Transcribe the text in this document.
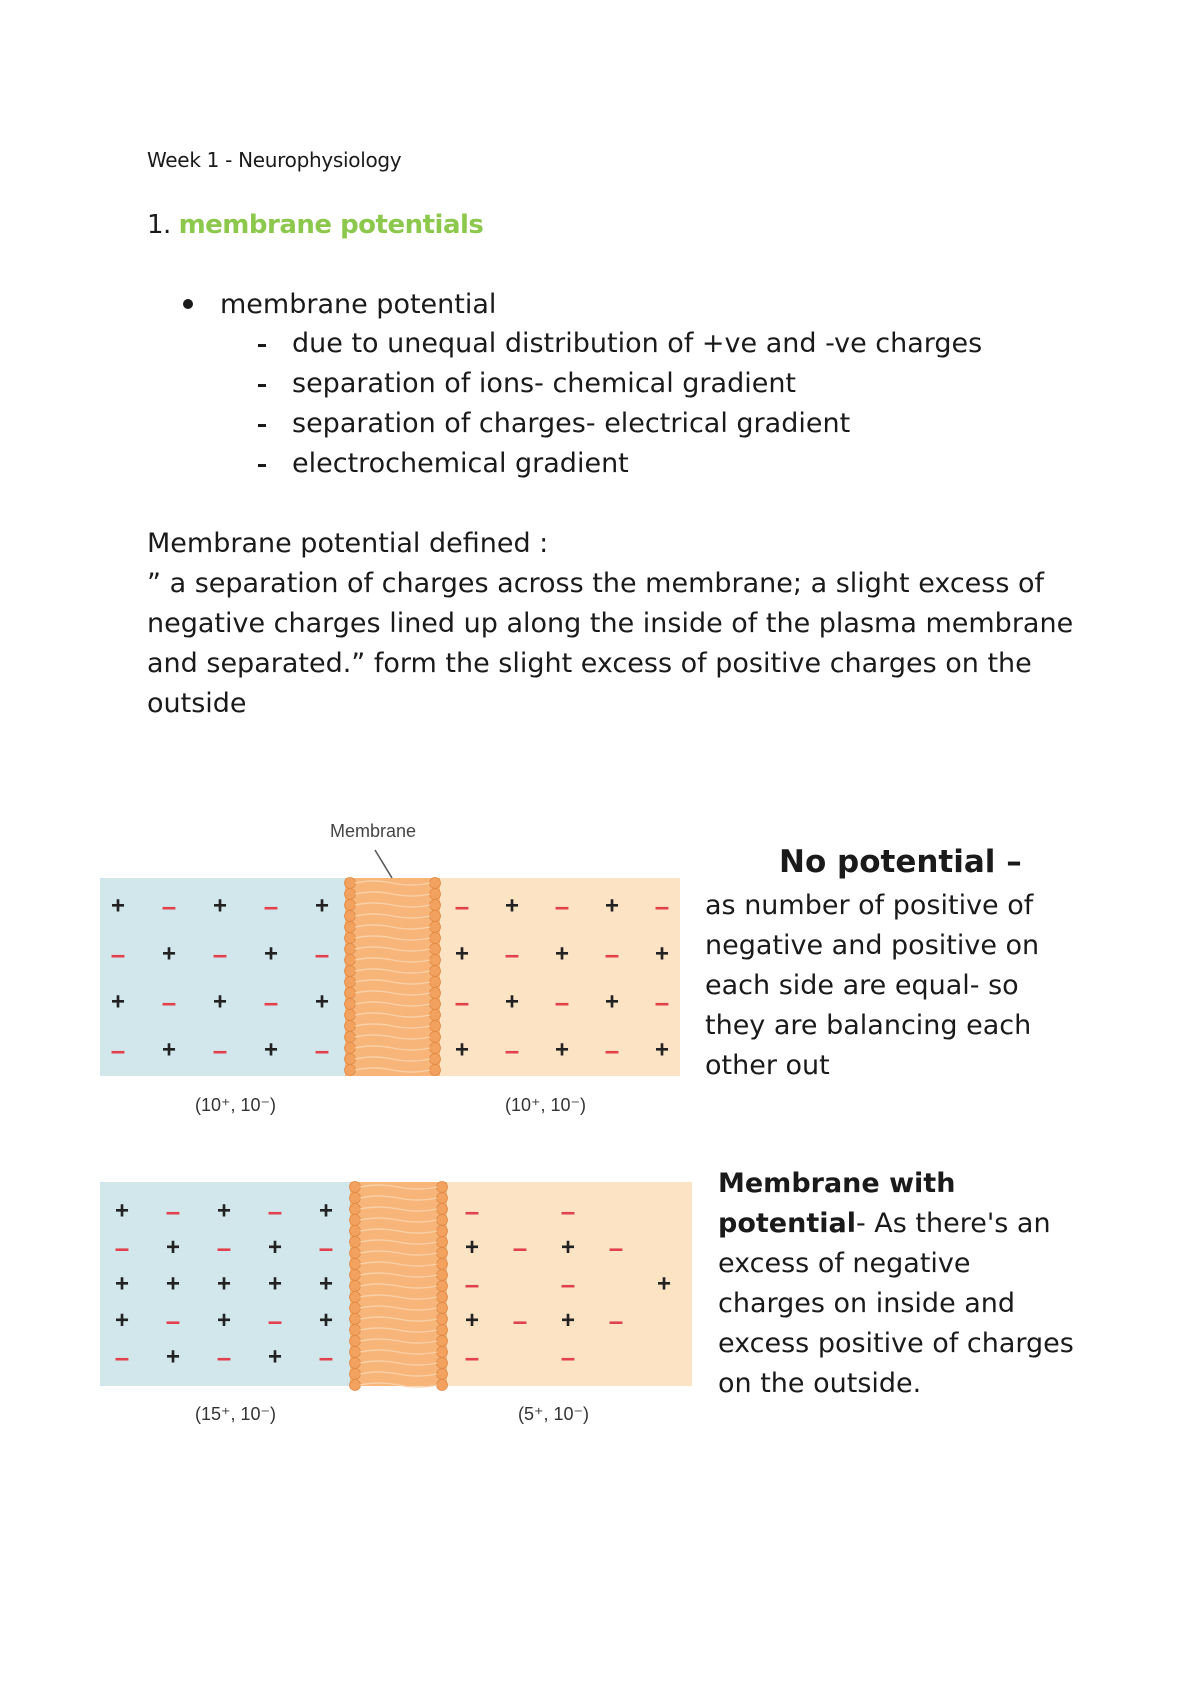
Week 1 - Neurophysiology
1. membrane potentials
membrane potential
due to unequal distribution of +ve and -ve charges
separation of ions- chemical gradient
separation of charges- electrical gradient
electrochemical gradient
Membrane potential defined :
” a separation of charges across the membrane; a slight excess of
negative charges lined up along the inside of the plasma membrane
and separated.” form the slight excess of positive charges on the
outside
Membrane
+ – + – +
– + – + –
+ – + – +
– + – + –
– + – + –
+ – + – +
– + – + –
+ – + – +
(10⁺, 10⁻)	(10⁺, 10⁻)
+ – + – +
– + – + –
+ + + + +
+ – + – +
– + – + –
–	–
+ – + –
–	–	+
+ – + –
–	–
(15⁺, 10⁻)	(5⁺, 10⁻)
No potential –
as number of positive of
negative and positive on
each side are equal- so
they are balancing each
other out
Membrane with
potential- As there's an
excess of negative
charges on inside and
excess positive of charges
on the outside.
